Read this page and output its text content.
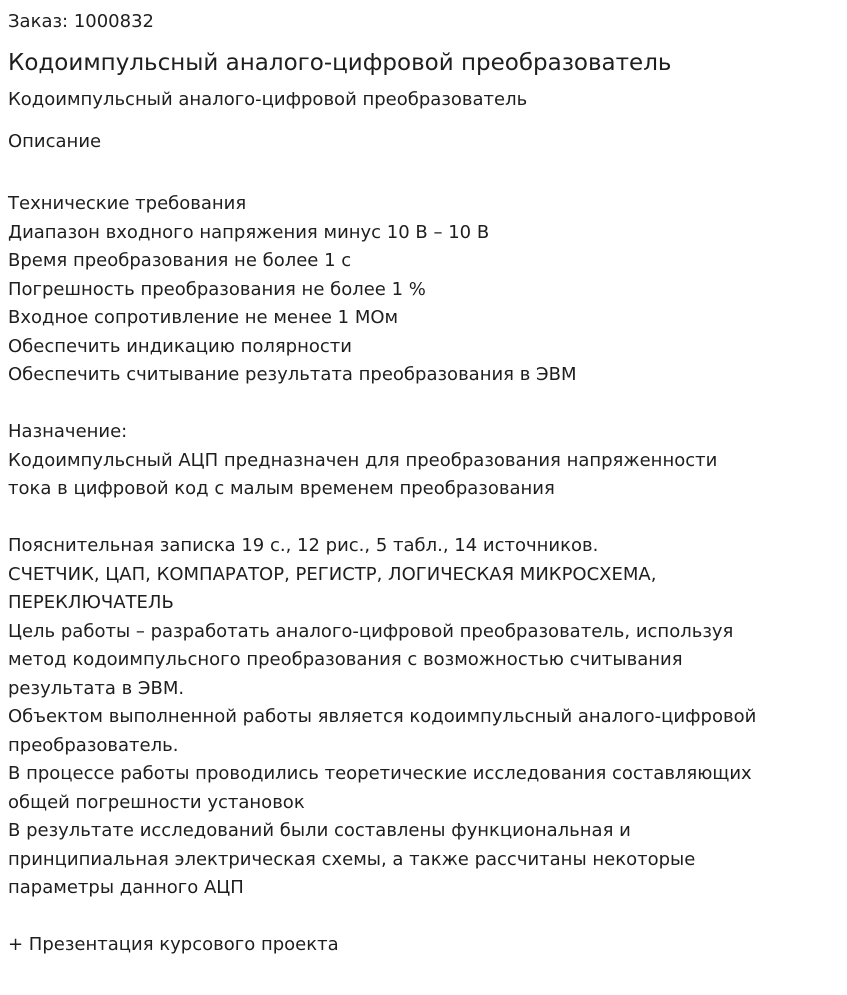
Заказ: 1000832

Кодоимпульсный аналого-цифровой преобразователь

Кодоимпульсный аналого-цифровой преобразователь

Описание

Технические требования
Диапазон входного напряжения минус 10 В – 10 В
Время преобразования не более 1 с
Погрешность преобразования не более 1 %
Входное сопротивление не менее 1 МОм
Обеспечить индикацию полярности
Обеспечить считывание результата преобразования в ЭВМ
Назначение:
Кодоимпульсный АЦП предназначен для преобразования напряженности
тока в цифровой код с малым временем преобразования
Пояснительная записка 19 с., 12 рис., 5 табл., 14 источников.
СЧЕТЧИК, ЦАП, КОМПАРАТОР, РЕГИСТР, ЛОГИЧЕСКАЯ МИКРОСХЕМА,
ПЕРЕКЛЮЧАТЕЛЬ
Цель работы – разработать аналого-цифровой преобразователь, используя
метод кодоимпульсного преобразования с возможностью считывания
результата в ЭВМ.
Объектом выполненной работы является кодоимпульсный аналого-цифровой
преобразователь.
В процессе работы проводились теоретические исследования составляющих
общей погрешности установок
В результате исследований были составлены функциональная и
принципиальная электрическая схемы, а также рассчитаны некоторые
параметры данного АЦП

+ Презентация курсового проекта
